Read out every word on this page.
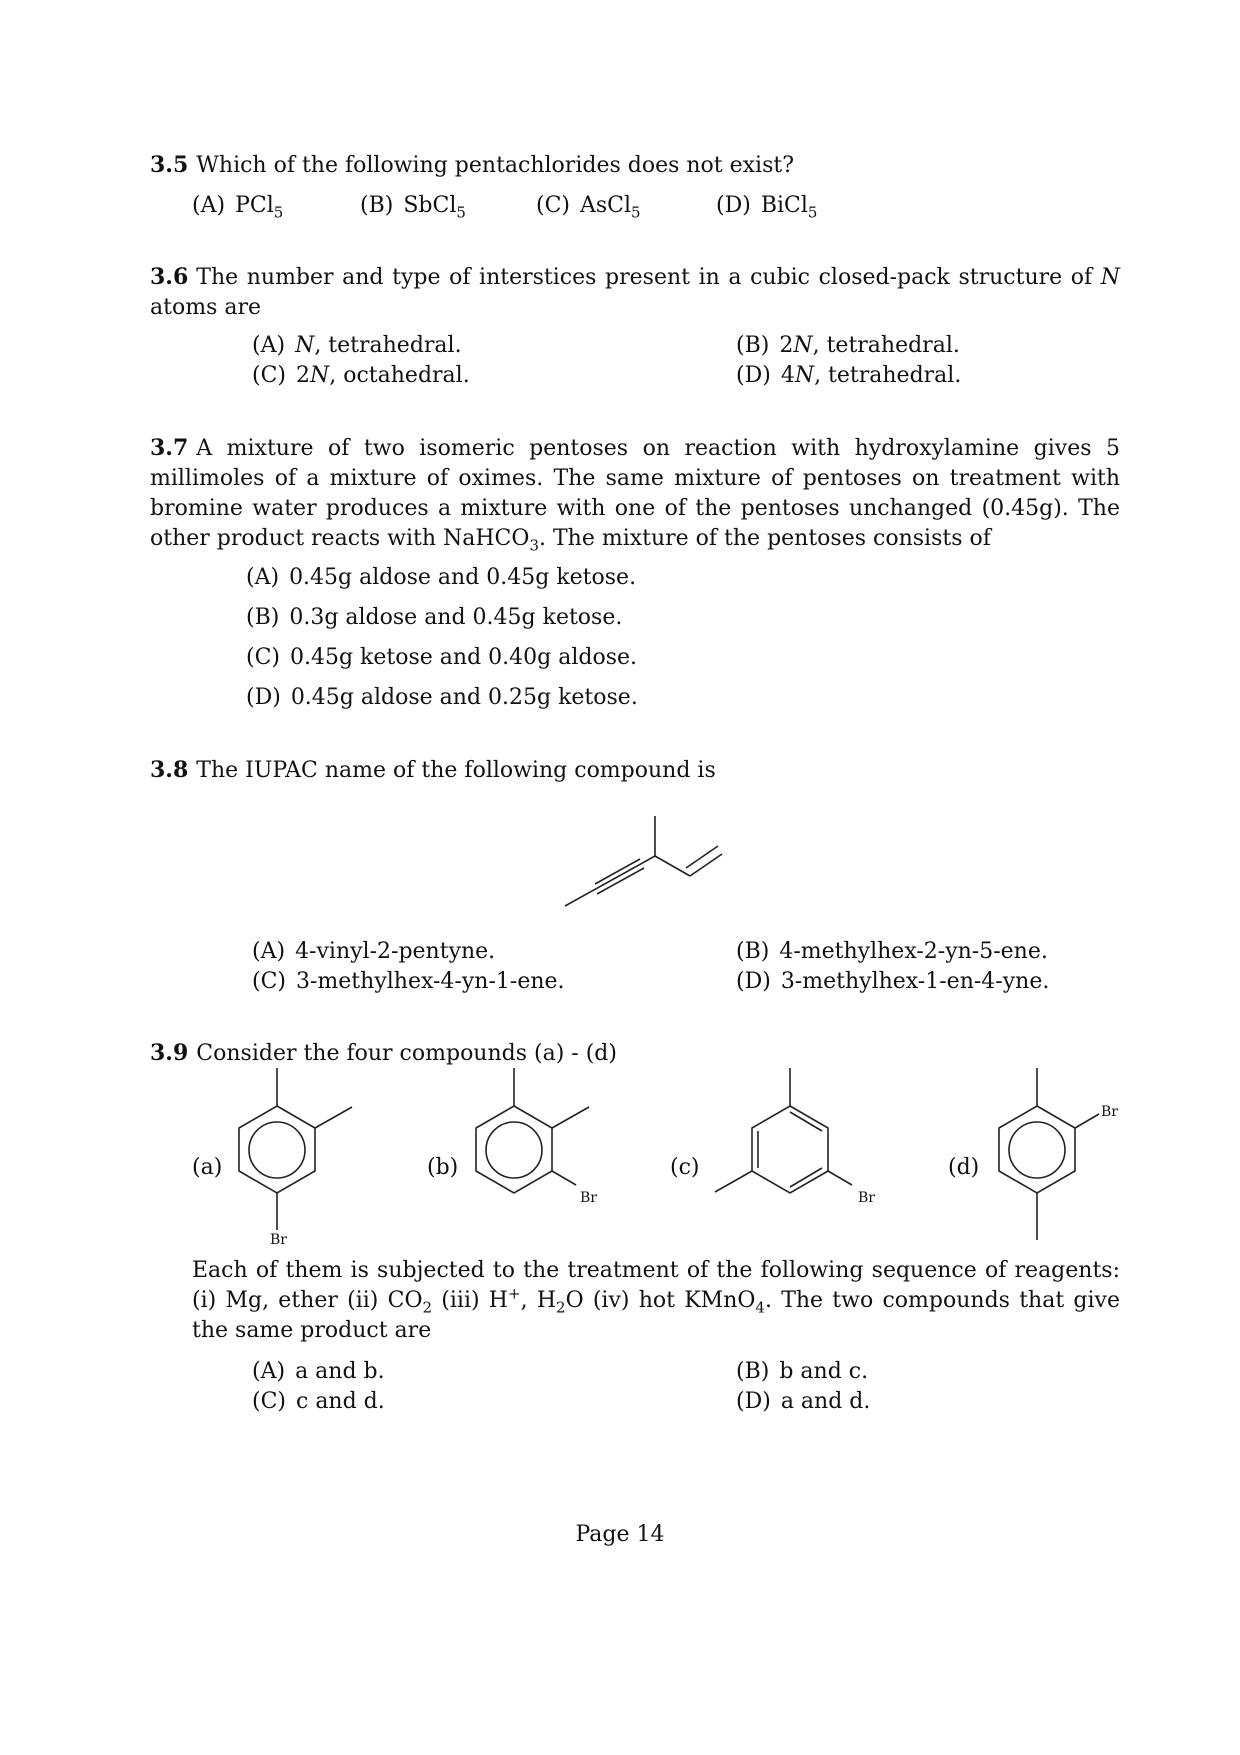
3.5 Which of the following pentachlorides does not exist?
(A) PCl$_5$	(B) SbCl$_5$	(C) AsCl$_5$	(D) BiCl$_5$
3.6 The number and type of interstices present in a cubic closed-pack structure of N atoms are
(A) N, tetrahedral.	(B) 2N, tetrahedral.
(C) 2N, octahedral.	(D) 4N, tetrahedral.
3.7 A mixture of two isomeric pentoses on reaction with hydroxylamine gives 5 millimoles of a mixture of oximes. The same mixture of pentoses on treatment with bromine water produces a mixture with one of the pentoses unchanged (0.45g). The other product reacts with NaHCO$_3$. The mixture of the pentoses consists of
(A) 0.45g aldose and 0.45g ketose.
(B) 0.3g aldose and 0.45g ketose.
(C) 0.45g ketose and 0.40g aldose.
(D) 0.45g aldose and 0.25g ketose.
3.8 The IUPAC name of the following compound is
(A) 4-vinyl-2-pentyne.	(B) 4-methylhex-2-yn-5-ene.
(C) 3-methylhex-4-yn-1-ene.	(D) 3-methylhex-1-en-4-yne.
3.9 Consider the four compounds (a) - (d)
(a)
Br
(b)
Br
(c)
Br
(d)
Br
Each of them is subjected to the treatment of the following sequence of reagents: (i) Mg, ether (ii) $CO_2$ (iii) H+, $H_2O$ (iv) hot KMnO$_4$. The two compounds that give the same product are
(A) a and b.	(B) b and c.
(C) c and d.	(D) a and d.
Page 14
